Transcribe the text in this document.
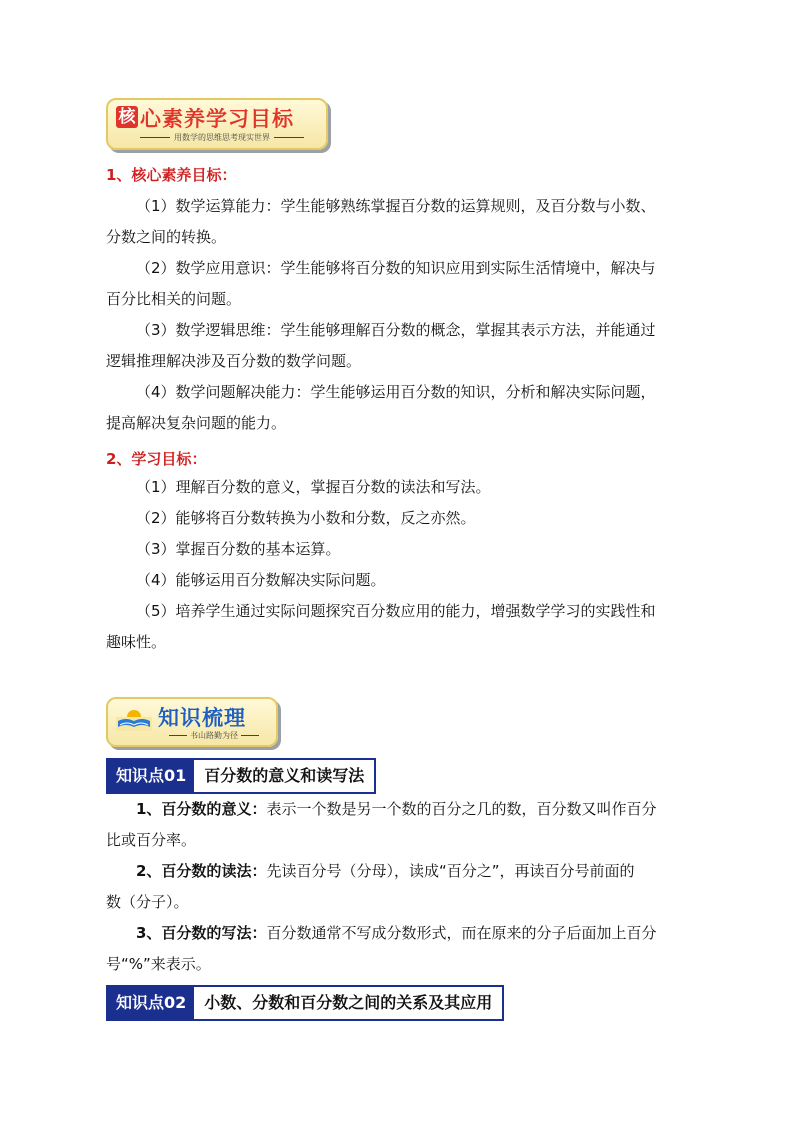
核 心素养学习目标
用数学的思维思考现实世界
1、核心素养目标：
（1）数学运算能力：学生能够熟练掌握百分数的运算规则，及百分数与小数、
分数之间的转换。
（2）数学应用意识：学生能够将百分数的知识应用到实际生活情境中，解决与
百分比相关的问题。
（3）数学逻辑思维：学生能够理解百分数的概念，掌握其表示方法，并能通过
逻辑推理解决涉及百分数的数学问题。
（4）数学问题解决能力：学生能够运用百分数的知识，分析和解决实际问题，
提高解决复杂问题的能力。
2、学习目标：
（1）理解百分数的意义，掌握百分数的读法和写法。
（2）能够将百分数转换为小数和分数，反之亦然。
（3）掌握百分数的基本运算。
（4）能够运用百分数解决实际问题。
（5）培养学生通过实际问题探究百分数应用的能力，增强数学学习的实践性和
趣味性。
知识梳理
书山路勤为径
知识点01	百分数的意义和读写法
1、百分数的意义：表示一个数是另一个数的百分之几的数，百分数又叫作百分
比或百分率。
2、百分数的读法：先读百分号（分母），读成“百分之”，再读百分号前面的
数（分子）。
3、百分数的写法：百分数通常不写成分数形式，而在原来的分子后面加上百分
号“%”来表示。
知识点02	小数、分数和百分数之间的关系及其应用
